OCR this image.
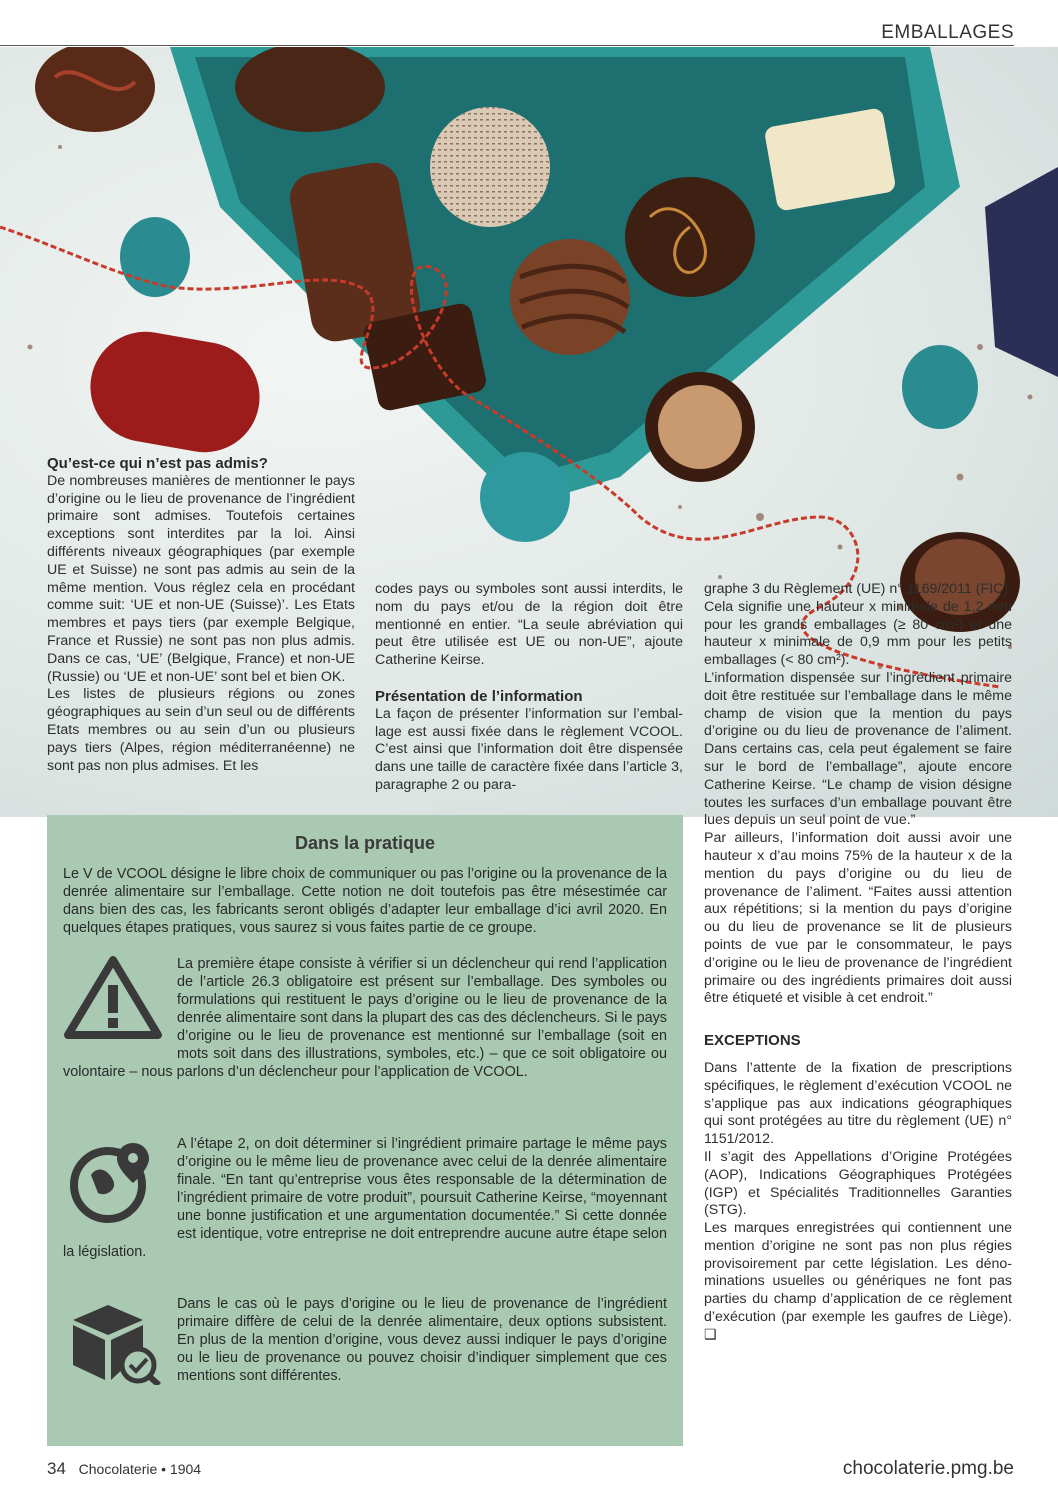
EMBALLAGES

Qu’est-ce qui n’est pas admis?

De nombreuses manières de mentionner le pays d’origine ou le lieu de provenance de l’ingrédient primaire sont admises. Toutefois certaines exceptions sont interdites par la loi. Ainsi différents niveaux géographiques (par exemple UE et Suisse) ne sont pas admis au sein de la même mention. Vous réglez cela en procédant comme suit: ‘UE et non-UE (Suisse)’. Les Etats membres et pays tiers (par exemple Belgique, France et Russie) ne sont pas non plus admis. Dans ce cas, ‘UE’ (Belgique, France) et non-UE (Russie) ou ‘UE et non-UE’ sont bel et bien OK.

Les listes de plusieurs régions ou zones géographiques au sein d’un seul ou de différents Etats membres ou au sein d’un ou plusieurs pays tiers (Alpes, région méditerranéenne) ne sont pas non plus admises. Et les

codes pays ou symboles sont aussi interdits, le nom du pays et/ou de la région doit être mentionné en entier. “La seule abréviation qui peut être utilisée est UE ou non-UE”, ajoute Catherine Keirse.

Présentation de l’information

La façon de présenter l’information sur l’emballage est aussi fixée dans le règlement VCOOL. C’est ainsi que l’information doit être dispensée dans une taille de caractère fixée dans l’article 3, paragraphe 2 ou para-

graphe 3 du Règlement (UE) n° 1169/2011 (FIC). Cela signifie une hauteur x minimale de 1,2 mm pour les grands emballages (≥ 80 cm²) et une hauteur x minimale de 0,9 mm pour les petits emballages (< 80 cm²).

L’information dispensée sur l’ingrédient primaire doit être restituée sur l’emballage dans le même champ de vision que la mention du pays d’origine ou du lieu de provenance de l’aliment. Dans certains cas, cela peut également se faire sur le bord de l’emballage”, ajoute encore Catherine Keirse. “Le champ de vision désigne toutes les surfaces d’un emballage pouvant être lues depuis un seul point de vue.”

Par ailleurs, l’information doit aussi avoir une hauteur x d’au moins 75% de la hauteur x de la mention du pays d’origine ou du lieu de provenance de l’aliment. “Faites aussi attention aux répétitions; si la mention du pays d’origine ou du lieu de provenance se lit de plusieurs points de vue par le consommateur, le pays d’origine ou le lieu de provenance de l’ingrédient primaire ou des ingrédients primaires doit aussi être étiqueté et visible à cet endroit.”

EXCEPTIONS

Dans l’attente de la fixation de prescriptions spécifiques, le règlement d’exécution VCOOL ne s’applique pas aux indications géographiques qui sont protégées au titre du règlement (UE) n° 1151/2012.

Il s’agit des Appellations d’Origine Protégées (AOP), Indications Géographiques Protégées (IGP) et Spécialités Traditionnelles Garanties (STG).

Les marques enregistrées qui contiennent une mention d’origine ne sont pas non plus régies provisoirement par cette législation. Les dénominations usuelles ou génériques ne font pas parties du champ d’application de ce règlement d’exécution (par exemple les gaufres de Liège). ❑

Dans la pratique
Le V de VCOOL désigne le libre choix de communiquer ou pas l’origine ou la provenance de la denrée alimentaire sur l’emballage. Cette notion ne doit toutefois pas être mésestimée car dans bien des cas, les fabricants seront obligés d’adapter leur emballage d’ici avril 2020. En quelques étapes pratiques, vous saurez si vous faites partie de ce groupe.
La première étape consiste à vérifier si un déclencheur qui rend l’application de l’article 26.3 obligatoire est présent sur l’emballage. Des symboles ou formulations qui restituent le pays d’origine ou le lieu de provenance de la denrée alimentaire sont dans la plupart des cas des déclencheurs. Si le pays d’origine ou le lieu de provenance est mentionné sur l’emballage (soit en mots soit dans des illustrations, symboles, etc.) – que ce soit obligatoire ou volontaire – nous parlons d’un déclencheur pour l’application de VCOOL.
A l’étape 2, on doit déterminer si l’ingrédient primaire partage le même pays d’origine ou le même lieu de provenance avec celui de la denrée alimentaire finale. “En tant qu’entreprise vous êtes responsable de la détermination de l’ingrédient primaire de votre produit”, poursuit Catherine Keirse, “moyennant une bonne justification et une argumentation documentée.” Si cette donnée est identique, votre entreprise ne doit entreprendre aucune autre étape selon la législation.
Dans le cas où le pays d’origine ou le lieu de provenance de l’ingrédient primaire diffère de celui de la denrée alimentaire, deux options subsistent. En plus de la mention d’origine, vous devez aussi indiquer le pays d’origine ou le lieu de provenance ou pouvez choisir d’indiquer simplement que ces mentions sont différentes.
34 Chocolaterie • 1904	chocolaterie.pmg.be
